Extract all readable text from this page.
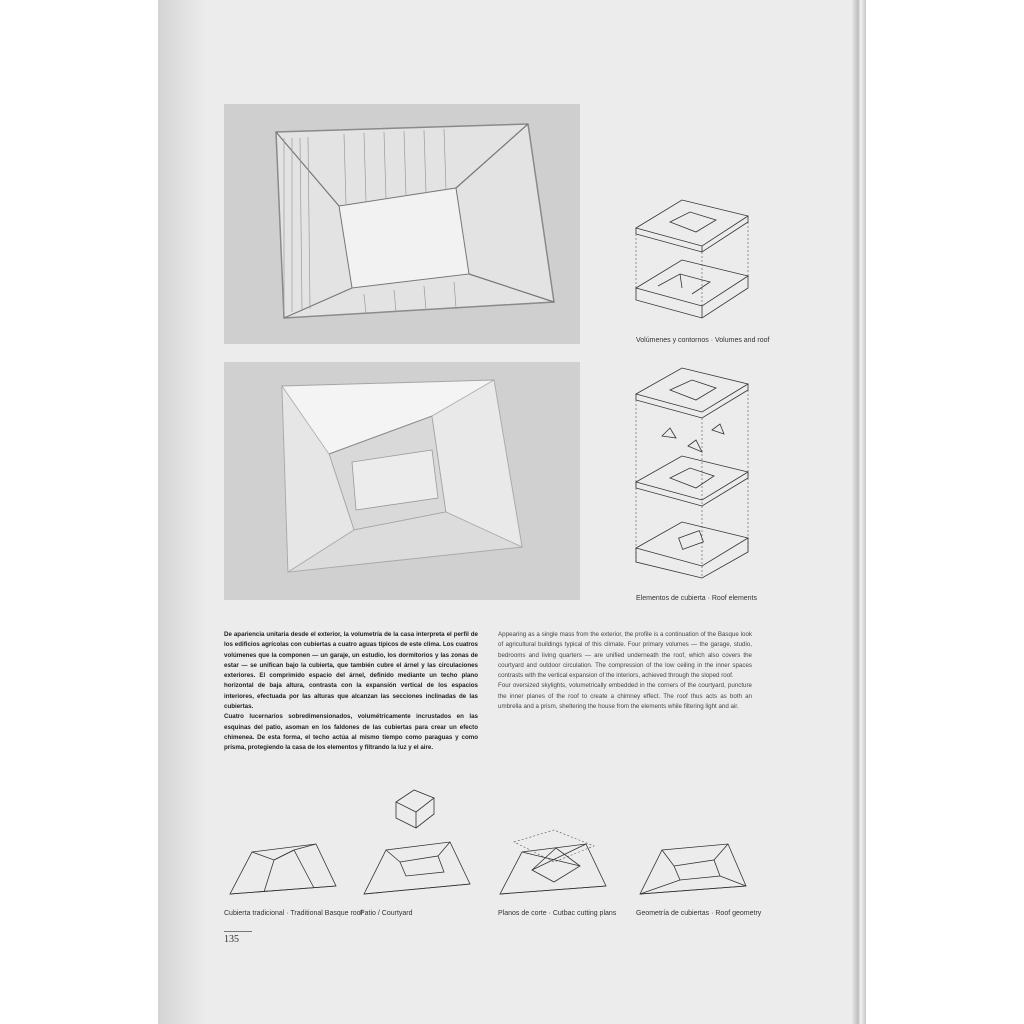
Volúmenes y contornos · Volumes and roof
Elementos de cubierta · Roof elements

De apariencia unitaria desde el exterior, la volumetría de la casa interpreta el perfil de los edificios agrícolas con cubiertas a cuatro aguas típicos de este clima. Los cuatros volúmenes que la componen — un garaje, un estudio, los dormitorios y las zonas de estar — se unifican bajo la cubierta, que también cubre el árnel y las circulaciones exteriores. El comprimido espacio del árnel, definido mediante un techo plano horizontal de baja altura, contrasta con la expansión vertical de los espacios interiores, efectuada por las alturas que alcanzan las secciones inclinadas de las cubiertas.

Cuatro lucernarios sobredimensionados, volumétricamente incrustados en las esquinas del patio, asoman en los faldones de las cubiertas para crear un efecto chimenea. De esta forma, el techo actúa al mismo tiempo como paraguas y como prisma, protegiendo la casa de los elementos y filtrando la luz y el aire.

Appearing as a single mass from the exterior, the profile is a continuation of the Basque look of agricultural buildings typical of this climate. Four primary volumes — the garage, studio, bedrooms and living quarters — are unified underneath the roof, which also covers the courtyard and outdoor circulation. The compression of the low ceiling in the inner spaces contrasts with the vertical expansion of the interiors, achieved through the sloped roof.

Four oversized skylights, volumetrically embedded in the corners of the courtyard, puncture the inner planes of the roof to create a chimney effect. The roof thus acts as both an umbrella and a prism, sheltering the house from the elements while filtering light and air.

Cubierta tradicional · Traditional Basque roof
Patio / Courtyard	Planos de corte · Cutbac cutting plans	Geometría de cubiertas · Roof geometry
135
